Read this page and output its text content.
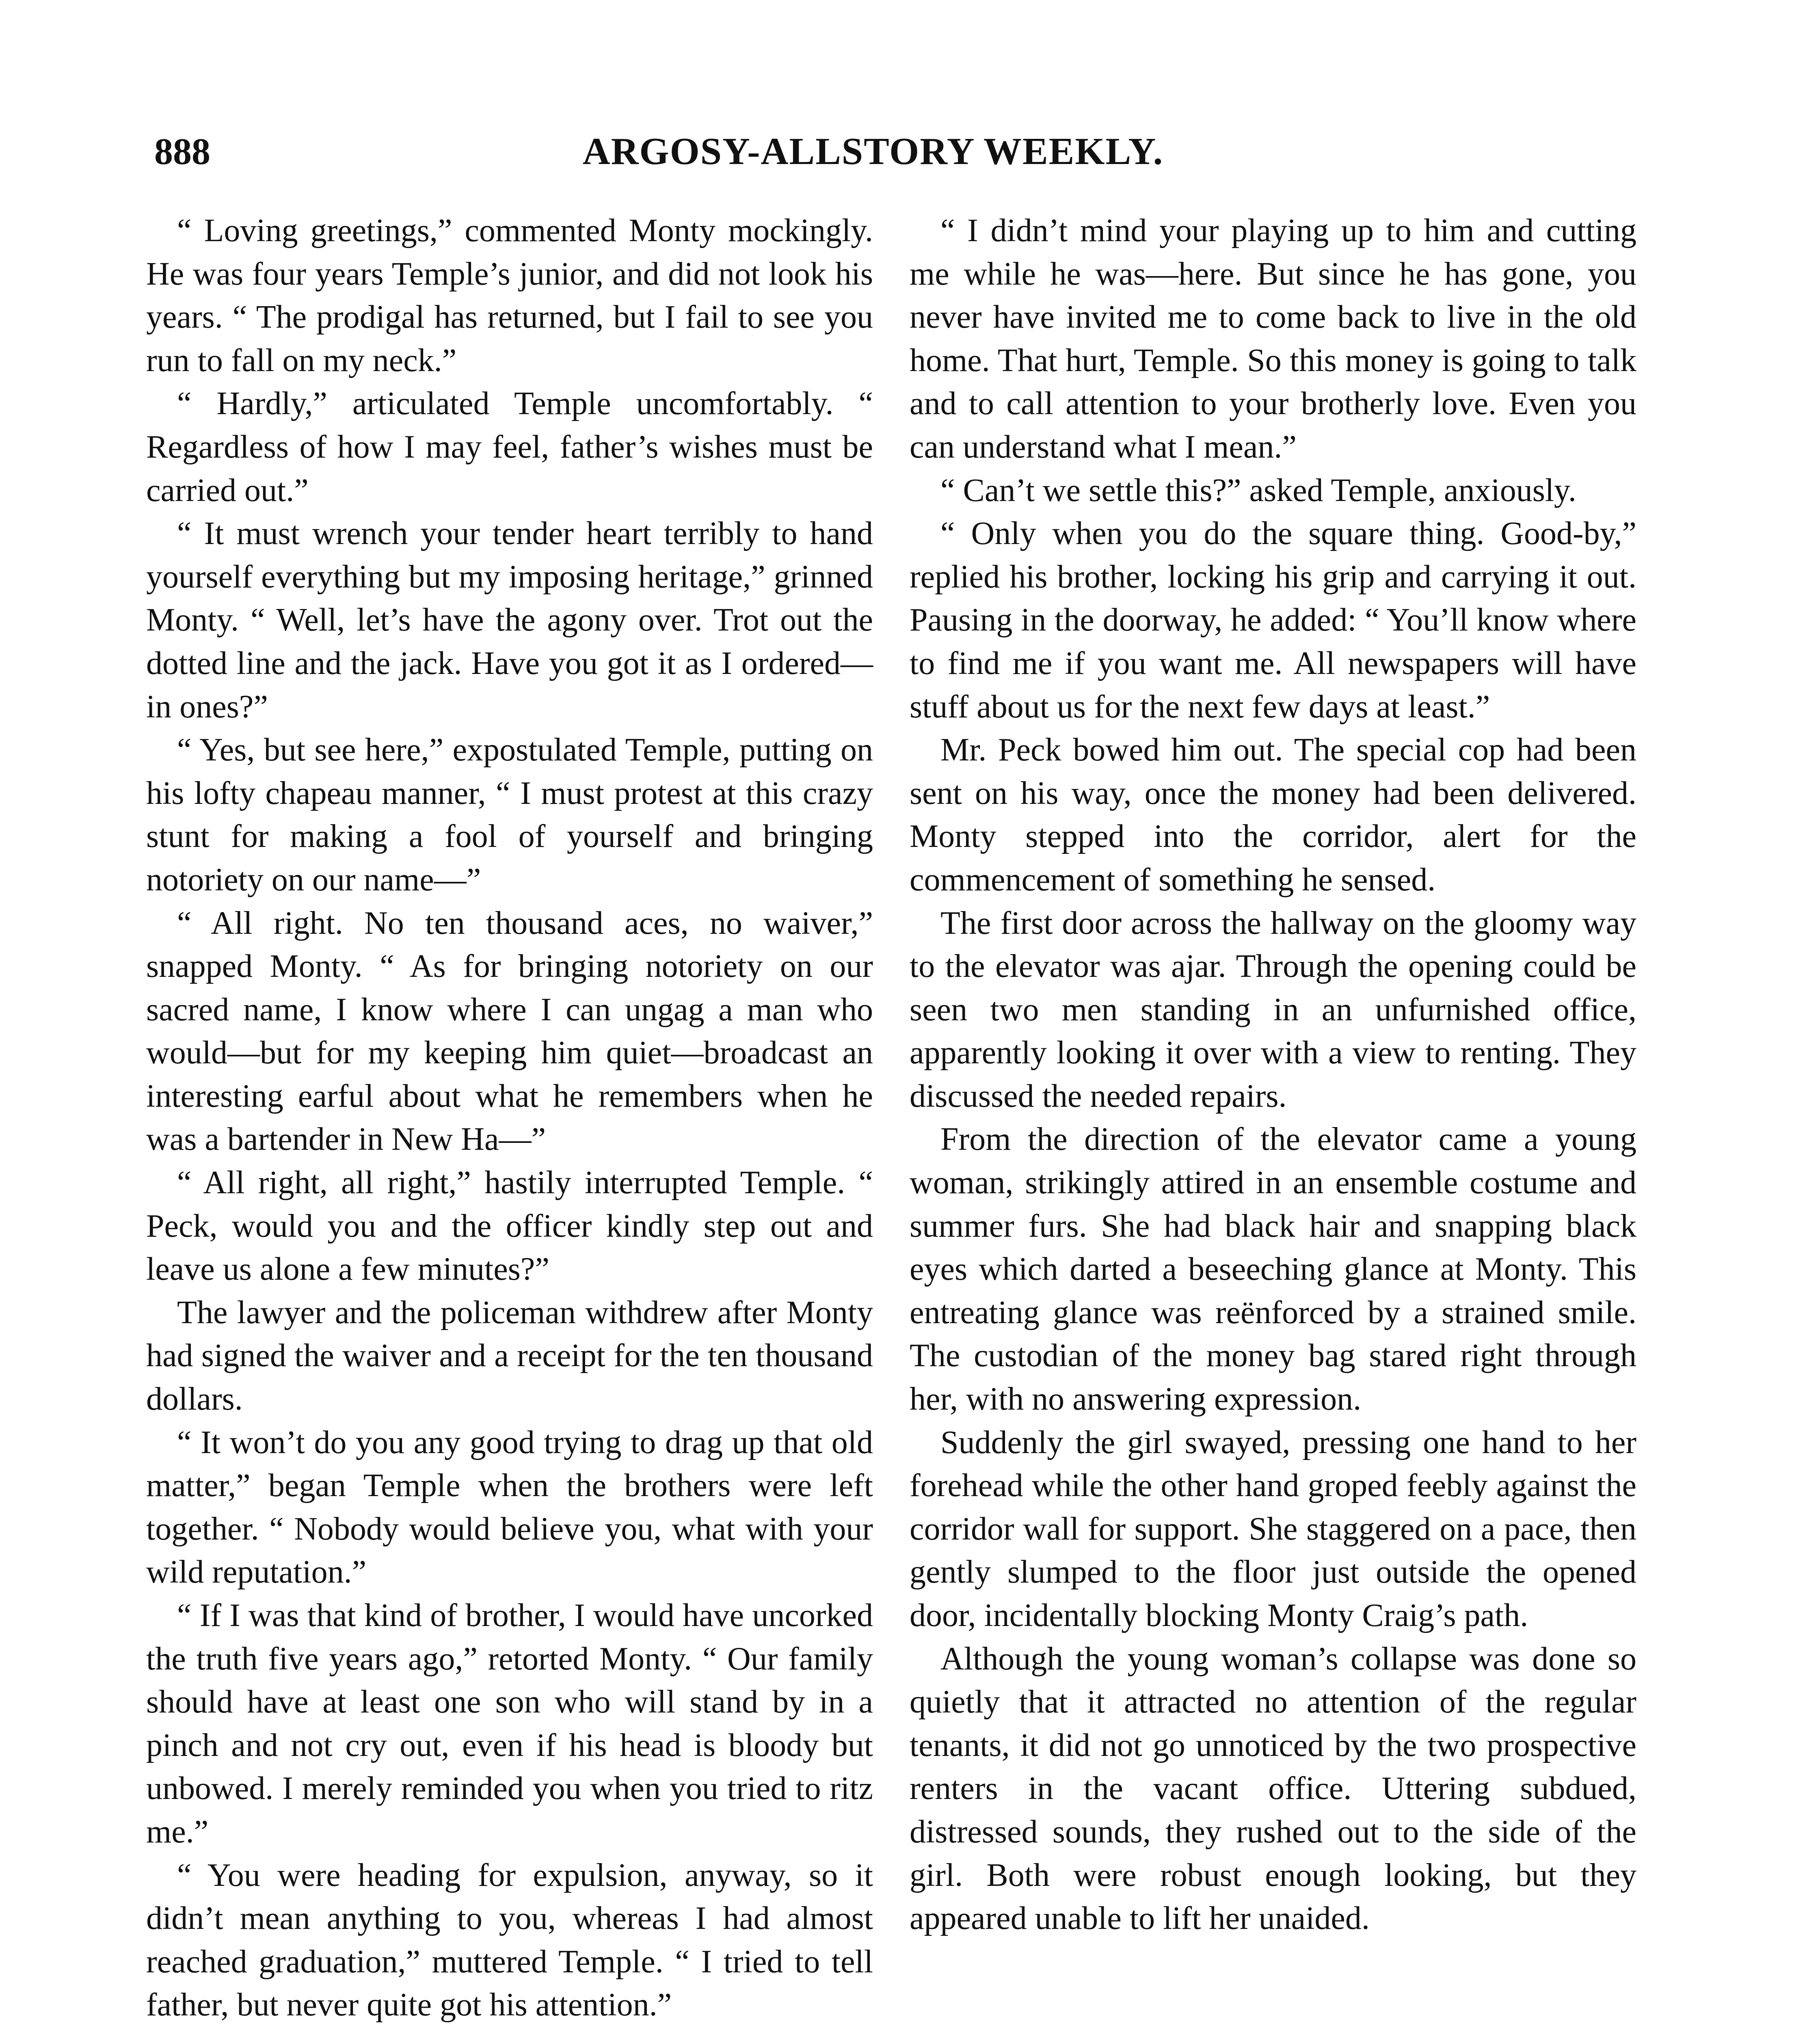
888	ARGOSY-ALLSTORY WEEKLY.

“ Loving greetings,” commented Monty mockingly. He was four years Temple’s junior, and did not look his years. “ The prodigal has returned, but I fail to see you run to fall on my neck.”

“ Hardly,” articulated Temple uncomfortably. “ Regardless of how I may feel, father’s wishes must be carried out.”

“ It must wrench your tender heart terribly to hand yourself everything but my imposing heritage,” grinned Monty. “ Well, let’s have the agony over. Trot out the dotted line and the jack. Have you got it as I ordered—in ones?”

“ Yes, but see here,” expostulated Temple, putting on his lofty chapeau manner, “ I must protest at this crazy stunt for making a fool of yourself and bringing notoriety on our name—”

“ All right. No ten thousand aces, no waiver,” snapped Monty. “ As for bringing notoriety on our sacred name, I know where I can ungag a man who would—but for my keeping him quiet—broadcast an interesting earful about what he remembers when he was a bartender in New Ha—”

“ All right, all right,” hastily interrupted Temple. “ Peck, would you and the officer kindly step out and leave us alone a few minutes?”

The lawyer and the policeman withdrew after Monty had signed the waiver and a receipt for the ten thousand dollars.

“ It won’t do you any good trying to drag up that old matter,” began Temple when the brothers were left together. “ Nobody would believe you, what with your wild reputation.”

“ If I was that kind of brother, I would have uncorked the truth five years ago,” retorted Monty. “ Our family should have at least one son who will stand by in a pinch and not cry out, even if his head is bloody but unbowed. I merely reminded you when you tried to ritz me.”

“ You were heading for expulsion, anyway, so it didn’t mean anything to you, whereas I had almost reached graduation,” muttered Temple. “ I tried to tell father, but never quite got his attention.”

“ I didn’t mind your playing up to him and cutting me while he was—here. But since he has gone, you never have invited me to come back to live in the old home. That hurt, Temple. So this money is going to talk and to call attention to your brotherly love. Even you can understand what I mean.”

“ Can’t we settle this?” asked Temple, anxiously.

“ Only when you do the square thing. Good-by,” replied his brother, locking his grip and carrying it out. Pausing in the doorway, he added: “ You’ll know where to find me if you want me. All newspapers will have stuff about us for the next few days at least.”

Mr. Peck bowed him out. The special cop had been sent on his way, once the money had been delivered. Monty stepped into the corridor, alert for the commencement of something he sensed.

The first door across the hallway on the gloomy way to the elevator was ajar. Through the opening could be seen two men standing in an unfurnished office, apparently looking it over with a view to renting. They discussed the needed repairs.

From the direction of the elevator came a young woman, strikingly attired in an ensemble costume and summer furs. She had black hair and snapping black eyes which darted a beseeching glance at Monty. This entreating glance was reënforced by a strained smile. The custodian of the money bag stared right through her, with no answering expression.

Suddenly the girl swayed, pressing one hand to her forehead while the other hand groped feebly against the corridor wall for support. She staggered on a pace, then gently slumped to the floor just outside the opened door, incidentally blocking Monty Craig’s path.

Although the young woman’s collapse was done so quietly that it attracted no attention of the regular tenants, it did not go unnoticed by the two prospective renters in the vacant office. Uttering subdued, distressed sounds, they rushed out to the side of the girl. Both were robust enough looking, but they appeared unable to lift her unaided.
